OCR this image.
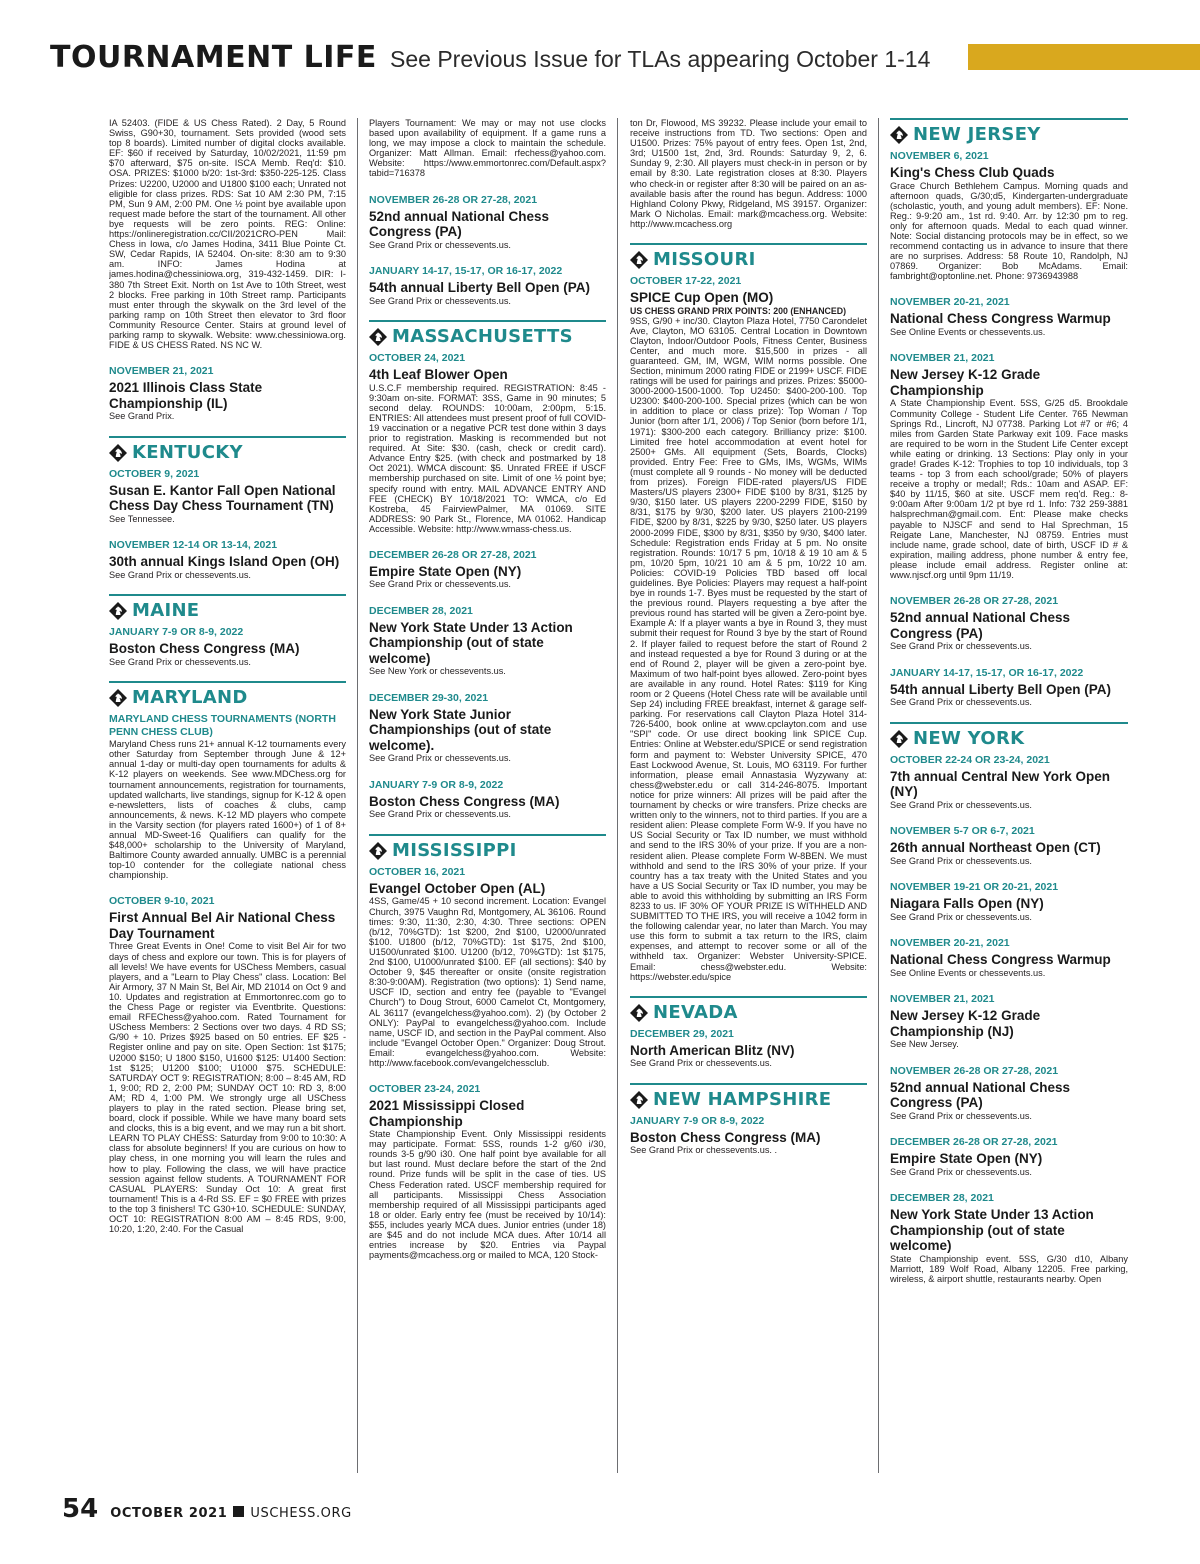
TOURNAMENT LIFE See Previous Issue for TLAs appearing October 1-14
IA 52403. (FIDE & US Chess Rated). 2 Day, 5 Round Swiss, G90+30, tournament. Sets provided (wood sets top 8 boards). Limited number of digital clocks available. EF: $60 if received by Saturday, 10/02/2021, 11:59 pm $70 afterward, $75 on-site. ISCA Memb. Req'd: $10. OSA. PRIZES: $1000 b/20: 1st-3rd: $350-225-125. Class Prizes: U2200, U2000 and U1800 $100 each; Unrated not eligible for class prizes. RDS: Sat 10 AM 2:30 PM, 7:15 PM, Sun 9 AM, 2:00 PM. One ½ point bye available upon request made before the start of the tournament. All other bye requests will be zero points. REG: Online: https://onlineregistration.cc/CII/2021CRO-PEN Mail: Chess in Iowa, c/o James Hodina, 3411 Blue Pointe Ct. SW, Cedar Rapids, IA 52404. On-site: 8:30 am to 9:30 am. INFO: James Hodina at james.hodina@chessiniowa.org, 319-432-1459. DIR: I-380 7th Street Exit. North on 1st Ave to 10th Street, west 2 blocks. Free parking in 10th Street ramp. Participants must enter through the skywalk on the 3rd level of the parking ramp on 10th Street then elevator to 3rd floor Community Resource Center. Stairs at ground level of parking ramp to skywalk. Website: www.chessiniowa.org. FIDE & US CHESS Rated. NS NC W.
NOVEMBER 21, 2021
2021 Illinois Class State Championship (IL)
See Grand Prix.
KENTUCKY
OCTOBER 9, 2021
Susan E. Kantor Fall Open National Chess Day Chess Tournament (TN)
See Tennessee.
NOVEMBER 12-14 OR 13-14, 2021
30th annual Kings Island Open (OH)
See Grand Prix or chessevents.us.
MAINE
JANUARY 7-9 OR 8-9, 2022
Boston Chess Congress (MA)
See Grand Prix or chessevents.us.
MARYLAND
MARYLAND CHESS TOURNAMENTS (NORTH PENN CHESS CLUB)
Maryland Chess runs 21+ annual K-12 tournaments every other Saturday from September through June & 12+ annual 1-day or multi-day open tournaments for adults & K-12 players on weekends. See www.MDChess.org for tournament announcements, registration for tournaments, updated wallcharts, live standings, signup for K-12 & open e-newsletters, lists of coaches & clubs, camp announcements, & news. K-12 MD players who compete in the Varsity section (for players rated 1600+) of 1 of 8+ annual MD-Sweet-16 Qualifiers can qualify for the $48,000+ scholarship to the University of Maryland, Baltimore County awarded annually. UMBC is a perennial top-10 contender for the collegiate national chess championship.
OCTOBER 9-10, 2021
First Annual Bel Air National Chess Day Tournament
Three Great Events in One! Come to visit Bel Air for two days of chess and explore our town. This is for players of all levels! We have events for USChess Members, casual players, and a "Learn to Play Chess" class. Location: Bel Air Armory, 37 N Main St, Bel Air, MD 21014 on Oct 9 and 10. Updates and registration at Emmortonrec.com go to the Chess Page or register via Eventbrite. Questions: email RFEChess@yahoo.com. Rated Tournament for USchess Members: 2 Sections over two days. 4 RD SS; G/90 + 10. Prizes $925 based on 50 entries. EF $25 - Register online and pay on site. Open Section: 1st $175; U2000 $150; U 1800 $150, U1600 $125: U1400 Section: 1st $125; U1200 $100; U1000 $75. SCHEDULE: SATURDAY OCT 9: REGISTRATION; 8:00 – 8:45 AM, RD 1, 9:00; RD 2, 2:00 PM; SUNDAY OCT 10: RD 3, 8:00 AM; RD 4, 1:00 PM. We strongly urge all USChess players to play in the rated section. Please bring set, board, clock if possible. While we have many board sets and clocks, this is a big event, and we may run a bit short. LEARN TO PLAY CHESS: Saturday from 9:00 to 10:30: A class for absolute beginners! If you are curious on how to play chess, in one morning you will learn the rules and how to play. Following the class, we will have practice session against fellow students. A TOURNAMENT FOR CASUAL PLAYERS: Sunday Oct 10: A great first tournament! This is a 4-Rd SS. EF = $0 FREE with prizes to the top 3 finishers! TC G30+10. SCHEDULE: SUNDAY, OCT 10: REGISTRATION 8:00 AM – 8:45 RDS, 9:00, 10:20, 1:20, 2:40. For the Casual
Players Tournament: We may or may not use clocks based upon availability of equipment. If a game runs a long, we may impose a clock to maintain the schedule. Organizer: Matt Allman. Email: rfechess@yahoo.com. Website: https://www.emmortonrec.com/Default.aspx?tabid=716378
NOVEMBER 26-28 OR 27-28, 2021
52nd annual National Chess Congress (PA)
See Grand Prix or chessevents.us.
JANUARY 14-17, 15-17, OR 16-17, 2022
54th annual Liberty Bell Open (PA)
See Grand Prix or chessevents.us.
MASSACHUSETTS
OCTOBER 24, 2021
4th Leaf Blower Open
U.S.C.F membership required. REGISTRATION: 8:45 - 9:30am on-site. FORMAT: 3SS, Game in 90 minutes; 5 second delay. ROUNDS: 10:00am, 2:00pm, 5:15. ENTRIES: All attendees must present proof of full COVID-19 vaccination or a negative PCR test done within 3 days prior to registration. Masking is recommended but not required. At Site: $30. (cash, check or credit card). Advance Entry $25. (with check and postmarked by 18 Oct 2021). WMCA discount: $5. Unrated FREE if USCF membership purchased on site. Limit of one ½ point bye; specify round with entry. MAIL ADVANCE ENTRY AND FEE (CHECK) BY 10/18/2021 TO: WMCA, c/o Ed Kostreba, 45 FairviewPalmer, MA 01069. SITE ADDRESS: 90 Park St., Florence, MA 01062. Handicap Accessible. Website: http://www.wmass-chess.us.
DECEMBER 26-28 OR 27-28, 2021
Empire State Open (NY)
See Grand Prix or chessevents.us.
DECEMBER 28, 2021
New York State Under 13 Action Championship (out of state welcome)
See New York or chessevents.us.
DECEMBER 29-30, 2021
New York State Junior Championships (out of state welcome).
See Grand Prix or chessevents.us.
JANUARY 7-9 OR 8-9, 2022
Boston Chess Congress (MA)
See Grand Prix or chessevents.us.
MISSISSIPPI
OCTOBER 16, 2021
Evangel October Open (AL)
4SS, Game/45 + 10 second increment. Location: Evangel Church, 3975 Vaughn Rd, Montgomery, AL 36106. Round times: 9:30, 11:30, 2:30, 4:30. Three sections: OPEN (b/12, 70%GTD): 1st $200, 2nd $100, U2000/unrated $100. U1800 (b/12, 70%GTD): 1st $175, 2nd $100, U1500/unrated $100. U1200 (b/12, 70%GTD): 1st $175, 2nd $100, U1000/unrated $100. EF (all sections): $40 by October 9, $45 thereafter or onsite (onsite registration 8:30-9:00AM). Registration (two options): 1) Send name, USCF ID, section and entry fee (payable to "Evangel Church") to Doug Strout, 6000 Camelot Ct, Montgomery, AL 36117 (evangelchess@yahoo.com). 2) (by October 2 ONLY): PayPal to evangelchess@yahoo.com. Include name, USCF ID, and section in the PayPal comment. Also include "Evangel October Open." Organizer: Doug Strout. Email: evangelchess@yahoo.com. Website: http://www.facebook.com/evangelchessclub.
OCTOBER 23-24, 2021
2021 Mississippi Closed Championship
State Championship Event. Only Mississippi residents may participate. Format: 5SS, rounds 1-2 g/60 i/30, rounds 3-5 g/90 i30. One half point bye available for all but last round. Must declare before the start of the 2nd round. Prize funds will be split in the case of ties. US Chess Federation rated. USCF membership required for all participants. Mississippi Chess Association membership required of all Mississippi participants aged 18 or older. Early entry fee (must be received by 10/14): $55, includes yearly MCA dues. Junior entries (under 18) are $45 and do not include MCA dues. After 10/14 all entries increase by $20. Entries via Paypal payments@mcachess.org or mailed to MCA, 120 Stock-
ton Dr, Flowood, MS 39232. Please include your email to receive instructions from TD. Two sections: Open and U1500. Prizes: 75% payout of entry fees. Open 1st, 2nd, 3rd; U1500 1st, 2nd, 3rd. Rounds: Saturday 9, 2, 6. Sunday 9, 2:30. All players must check-in in person or by email by 8:30. Late registration closes at 8:30. Players who check-in or register after 8:30 will be paired on an as-available basis after the round has begun. Address: 1000 Highland Colony Pkwy, Ridgeland, MS 39157. Organizer: Mark O Nicholas. Email: mark@mcachess.org. Website: http://www.mcachess.org
MISSOURI
OCTOBER 17-22, 2021
SPICE Cup Open (MO)
US CHESS GRAND PRIX POINTS: 200 (ENHANCED)
9SS, G/90 + inc/30. Clayton Plaza Hotel, 7750 Carondelet Ave, Clayton, MO 63105. Central Location in Downtown Clayton, Indoor/Outdoor Pools, Fitness Center, Business Center, and much more. $15,500 in prizes - all guaranteed. GM, IM, WGM, WIM norms possible. One Section, minimum 2000 rating FIDE or 2199+ USCF. FIDE ratings will be used for pairings and prizes. Prizes: $5000-3000-2000-1500-1000. Top U2450: $400-200-100. Top U2300: $400-200-100. Special prizes (which can be won in addition to place or class prize): Top Woman / Top Junior (born after 1/1, 2006) / Top Senior (born before 1/1, 1971): $300-200 each category. Brilliancy prize: $100. Limited free hotel accommodation at event hotel for 2500+ GMs. All equipment (Sets, Boards, Clocks) provided. Entry Fee: Free to GMs, IMs, WGMs, WIMs (must complete all 9 rounds - No money will be deducted from prizes). Foreign FIDE-rated players/US FIDE Masters/US players 2300+ FIDE $100 by 8/31, $125 by 9/30, $150 later. US players 2200-2299 FIDE, $150 by 8/31, $175 by 9/30, $200 later. US players 2100-2199 FIDE, $200 by 8/31, $225 by 9/30, $250 later. US players 2000-2099 FIDE, $300 by 8/31, $350 by 9/30, $400 later. Schedule: Registration ends Friday at 5 pm. No onsite registration. Rounds: 10/17 5 pm, 10/18 & 19 10 am & 5 pm, 10/20 5pm, 10/21 10 am & 5 pm, 10/22 10 am. Policies: COVID-19 Policies TBD based off local guidelines. Bye Policies: Players may request a half-point bye in rounds 1-7. Byes must be requested by the start of the previous round. Players requesting a bye after the previous round has started will be given a Zero-point bye. Example A: If a player wants a bye in Round 3, they must submit their request for Round 3 bye by the start of Round 2. If player failed to request before the start of Round 2 and instead requested a bye for Round 3 during or at the end of Round 2, player will be given a zero-point bye. Maximum of two half-point byes allowed. Zero-point byes are available in any round. Hotel Rates: $119 for King room or 2 Queens (Hotel Chess rate will be available until Sep 24) including FREE breakfast, internet & garage self-parking. For reservations call Clayton Plaza Hotel 314-726-5400, book online at www.cpclayton.com and use "SPI" code. Or use direct booking link SPICE Cup. Entries: Online at Webster.edu/SPICE or send registration form and payment to: Webster University SPICE, 470 East Lockwood Avenue, St. Louis, MO 63119. For further information, please email Annastasia Wyzywany at: chess@webster.edu or call 314-246-8075. Important notice for prize winners: All prizes will be paid after the tournament by checks or wire transfers. Prize checks are written only to the winners, not to third parties. If you are a resident alien: Please complete Form W-9. If you have no US Social Security or Tax ID number, we must withhold and send to the IRS 30% of your prize. If you are a non-resident alien. Please complete Form W-8BEN. We must withhold and send to the IRS 30% of your prize. If your country has a tax treaty with the United States and you have a US Social Security or Tax ID number, you may be able to avoid this withholding by submitting an IRS Form 8233 to us. IF 30% OF YOUR PRIZE IS WITHHELD AND SUBMITTED TO THE IRS, you will receive a 1042 form in the following calendar year, no later than March. You may use this form to submit a tax return to the IRS, claim expenses, and attempt to recover some or all of the withheld tax. Organizer: Webster University-SPICE. Email: chess@webster.edu. Website: https://webster.edu/spice
NEVADA
DECEMBER 29, 2021
North American Blitz (NV)
See Grand Prix or chessevents.us.
NEW HAMPSHIRE
JANUARY 7-9 OR 8-9, 2022
Boston Chess Congress (MA)
See Grand Prix or chessevents.us. .
NEW JERSEY
NOVEMBER 6, 2021
King's Chess Club Quads
Grace Church Bethlehem Campus. Morning quads and afternoon quads, G/30;d5, Kindergarten-undergraduate (scholastic, youth, and young adult members). EF: None. Reg.: 9-9:20 am., 1st rd. 9:40. Arr. by 12:30 pm to reg. only for afternoon quads. Medal to each quad winner. Note: Social distancing protocols may be in effect, so we recommend contacting us in advance to insure that there are no surprises. Address: 58 Route 10, Randolph, NJ 07869. Organizer: Bob McAdams. Email: fambright@optonline.net. Phone: 9736943988
NOVEMBER 20-21, 2021
National Chess Congress Warmup
See Online Events or chessevents.us.
NOVEMBER 21, 2021
New Jersey K-12 Grade Championship
A State Championship Event. 5SS, G/25 d5. Brookdale Community College - Student Life Center. 765 Newman Springs Rd., Lincroft, NJ 07738. Parking Lot #7 or #6; 4 miles from Garden State Parkway exit 109. Face masks are required to be worn in the Student Life Center except while eating or drinking. 13 Sections: Play only in your grade! Grades K-12: Trophies to top 10 individuals, top 3 teams - top 3 from each school/grade; 50% of players receive a trophy or medal!; Rds.: 10am and ASAP. EF: $40 by 11/15, $60 at site. USCF mem req'd. Reg.: 8-9:00am After 9:00am 1/2 pt bye rd 1. Info: 732 259-3881 halsprechman@gmail.com. Ent: Please make checks payable to NJSCF and send to Hal Sprechman, 15 Reigate Lane, Manchester, NJ 08759. Entries must include name, grade school, date of birth, USCF ID # & expiration, mailing address, phone number & entry fee, please include email address. Register online at: www.njscf.org until 9pm 11/19.
NOVEMBER 26-28 OR 27-28, 2021
52nd annual National Chess Congress (PA)
See Grand Prix or chessevents.us.
JANUARY 14-17, 15-17, OR 16-17, 2022
54th annual Liberty Bell Open (PA)
See Grand Prix or chessevents.us.
NEW YORK
OCTOBER 22-24 OR 23-24, 2021
7th annual Central New York Open (NY)
See Grand Prix or chessevents.us.
NOVEMBER 5-7 OR 6-7, 2021
26th annual Northeast Open (CT)
See Grand Prix or chessevents.us.
NOVEMBER 19-21 OR 20-21, 2021
Niagara Falls Open (NY)
See Grand Prix or chessevents.us.
NOVEMBER 20-21, 2021
National Chess Congress Warmup
See Online Events or chessevents.us.
NOVEMBER 21, 2021
New Jersey K-12 Grade Championship (NJ)
See New Jersey.
NOVEMBER 26-28 OR 27-28, 2021
52nd annual National Chess Congress (PA)
See Grand Prix or chessevents.us.
DECEMBER 26-28 OR 27-28, 2021
Empire State Open (NY)
See Grand Prix or chessevents.us.
DECEMBER 28, 2021
New York State Under 13 Action Championship (out of state welcome)
State Championship event. 5SS, G/30 d10, Albany Marriott, 189 Wolf Road, Albany 12205. Free parking, wireless, & airport shuttle, restaurants nearby. Open
54 OCTOBER 2021 USCHESS.ORG
